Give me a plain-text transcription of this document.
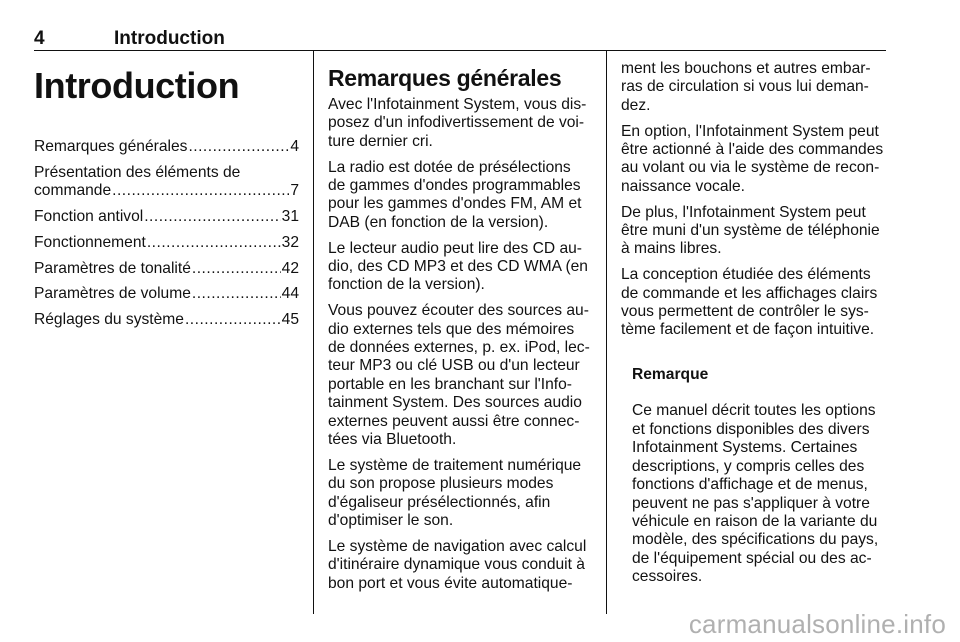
4	Introduction
Introduction
Remarques générales .....	4
Présentation des éléments de
commande .....	7
Fonction antivol .....	31
Fonctionnement .....	32
Paramètres de tonalité .....	42
Paramètres de volume .....	44
Réglages du système .....	45
Remarques générales

Avec l'Infotainment System, vous dis-
posez d'un infodivertissement de voi-
ture dernier cri.

La radio est dotée de présélections
de gammes d'ondes programmables
pour les gammes d'ondes FM, AM et
DAB (en fonction de la version).

Le lecteur audio peut lire des CD au-
dio, des CD MP3 et des CD WMA (en
fonction de la version).

Vous pouvez écouter des sources au-
dio externes tels que des mémoires
de données externes, p. ex. iPod, lec-
teur MP3 ou clé USB ou d'un lecteur
portable en les branchant sur l'Info-
tainment System. Des sources audio
externes peuvent aussi être connec-
tées via Bluetooth.

Le système de traitement numérique
du son propose plusieurs modes
d'égaliseur présélectionnés, afin
d'optimiser le son.

Le système de navigation avec calcul
d'itinéraire dynamique vous conduit à
bon port et vous évite automatique-

ment les bouchons et autres embar-
ras de circulation si vous lui deman-
dez.

En option, l'Infotainment System peut
être actionné à l'aide des commandes
au volant ou via le système de recon-
naissance vocale.

De plus, l'Infotainment System peut
être muni d'un système de téléphonie
à mains libres.

La conception étudiée des éléments
de commande et les affichages clairs
vous permettent de contrôler le sys-
tème facilement et de façon intuitive.

Remarque

Ce manuel décrit toutes les options
et fonctions disponibles des divers
Infotainment Systems. Certaines
descriptions, y compris celles des
fonctions d'affichage et de menus,
peuvent ne pas s'appliquer à votre
véhicule en raison de la variante du
modèle, des spécifications du pays,
de l'équipement spécial ou des ac-
cessoires.

carmanualsonline.info
